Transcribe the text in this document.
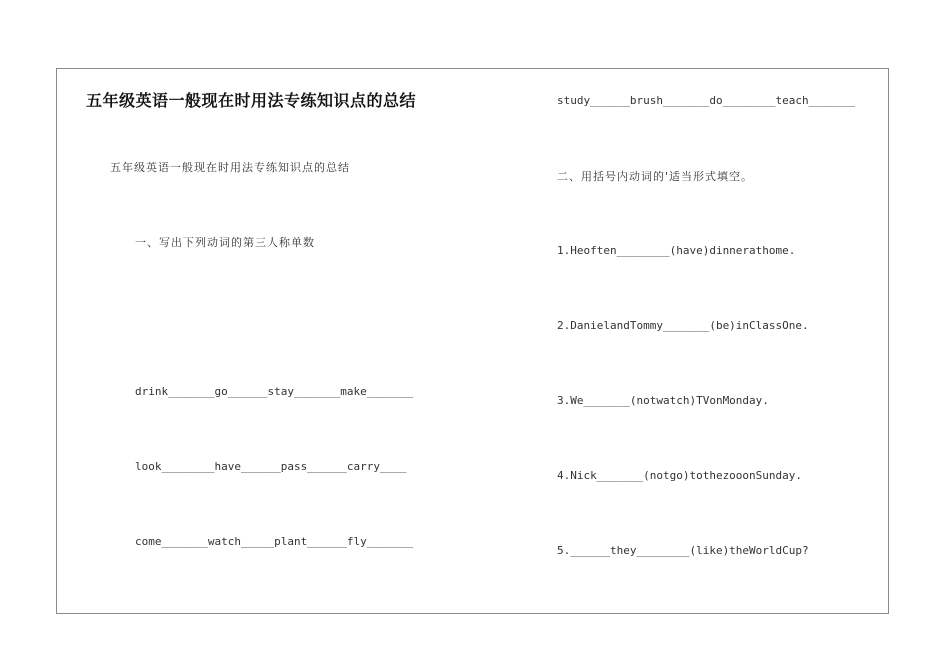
五年级英语一般现在时用法专练知识点的总结
五年级英语一般现在时用法专练知识点的总结
一、写出下列动词的第三人称单数
drink_______go______stay_______make_______
look________have______pass______carry____
come_______watch_____plant______fly_______
study______brush_______do________teach_______
二、用括号内动词的'适当形式填空。
1.Heoften________(have)dinnerathome.
2.DanielandTommy_______(be)inClassOne.
3.We_______(notwatch)TVonMonday.
4.Nick_______(notgo)tothezooonSunday.
5.______they________(like)theWorldCup?
